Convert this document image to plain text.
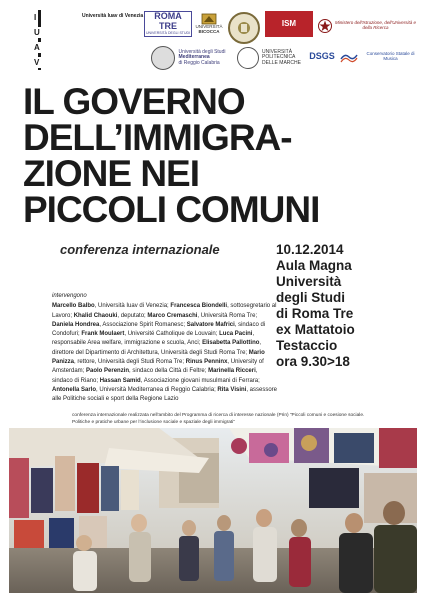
I
U
A
V
Università Iuav di Venezia ROMA
TRE
UNIVERSITÀ DEGLI STUDI
UNIVERSITÀ
BICOCCA
ISM	Ministero dell'Istruzione, dell'Università e della Ricerca
Università degli Studi
Mediterranea
di Reggio Calabria
UNIVERSITÀ
POLITECNICA
DELLE MARCHE
DSGS	Conservatorio Statale di Musica
IL GOVERNO
DELL’IMMIGRA-
ZIONE NEI
PICCOLI COMUNI
conferenza internazionale	10.12.2014
Aula Magna
Università
degli Studi
di Roma Tre
ex Mattatoio
Testaccio
ora 9.30>18
intervengono
Marcello Balbo, Università Iuav di Venezia; Francesca Biondelli, sottosegretario al Lavoro; Khalid Chaouki, deputato; Marco Cremaschi, Università Roma Tre; Daniela Hondrea, Associazione Spirit Romanesc; Salvatore Mafrici, sindaco di Condofuri; Frank Moulaert, Université Catholique de Louvain; Luca Pacini, responsabile Area welfare, immigrazione e scuola, Anci; Elisabetta Pallottino, direttore del Dipartimento di Architettura, Università degli Studi Roma Tre; Mario Panizza, rettore, Università degli Studi Roma Tre; Rinus Penninx, University of Amsterdam; Paolo Perenzin, sindaco della Città di Feltre; Marinella Ricceri, sindaco di Riano; Hassan Samid, Associazione giovani musulmani di Ferrara; Antonella Sarlo, Università Mediterranea di Reggio Calabria; Rita Visini, assessore alle Politiche sociali e sport della Regione Lazio
conferenza internazionale realizzata nell'ambito del Programma di ricerca di interesse nazionale (Prin) “Piccoli comuni e coesione sociale. Politiche e pratiche urbane per l’inclusione sociale e spaziale degli immigrati”
